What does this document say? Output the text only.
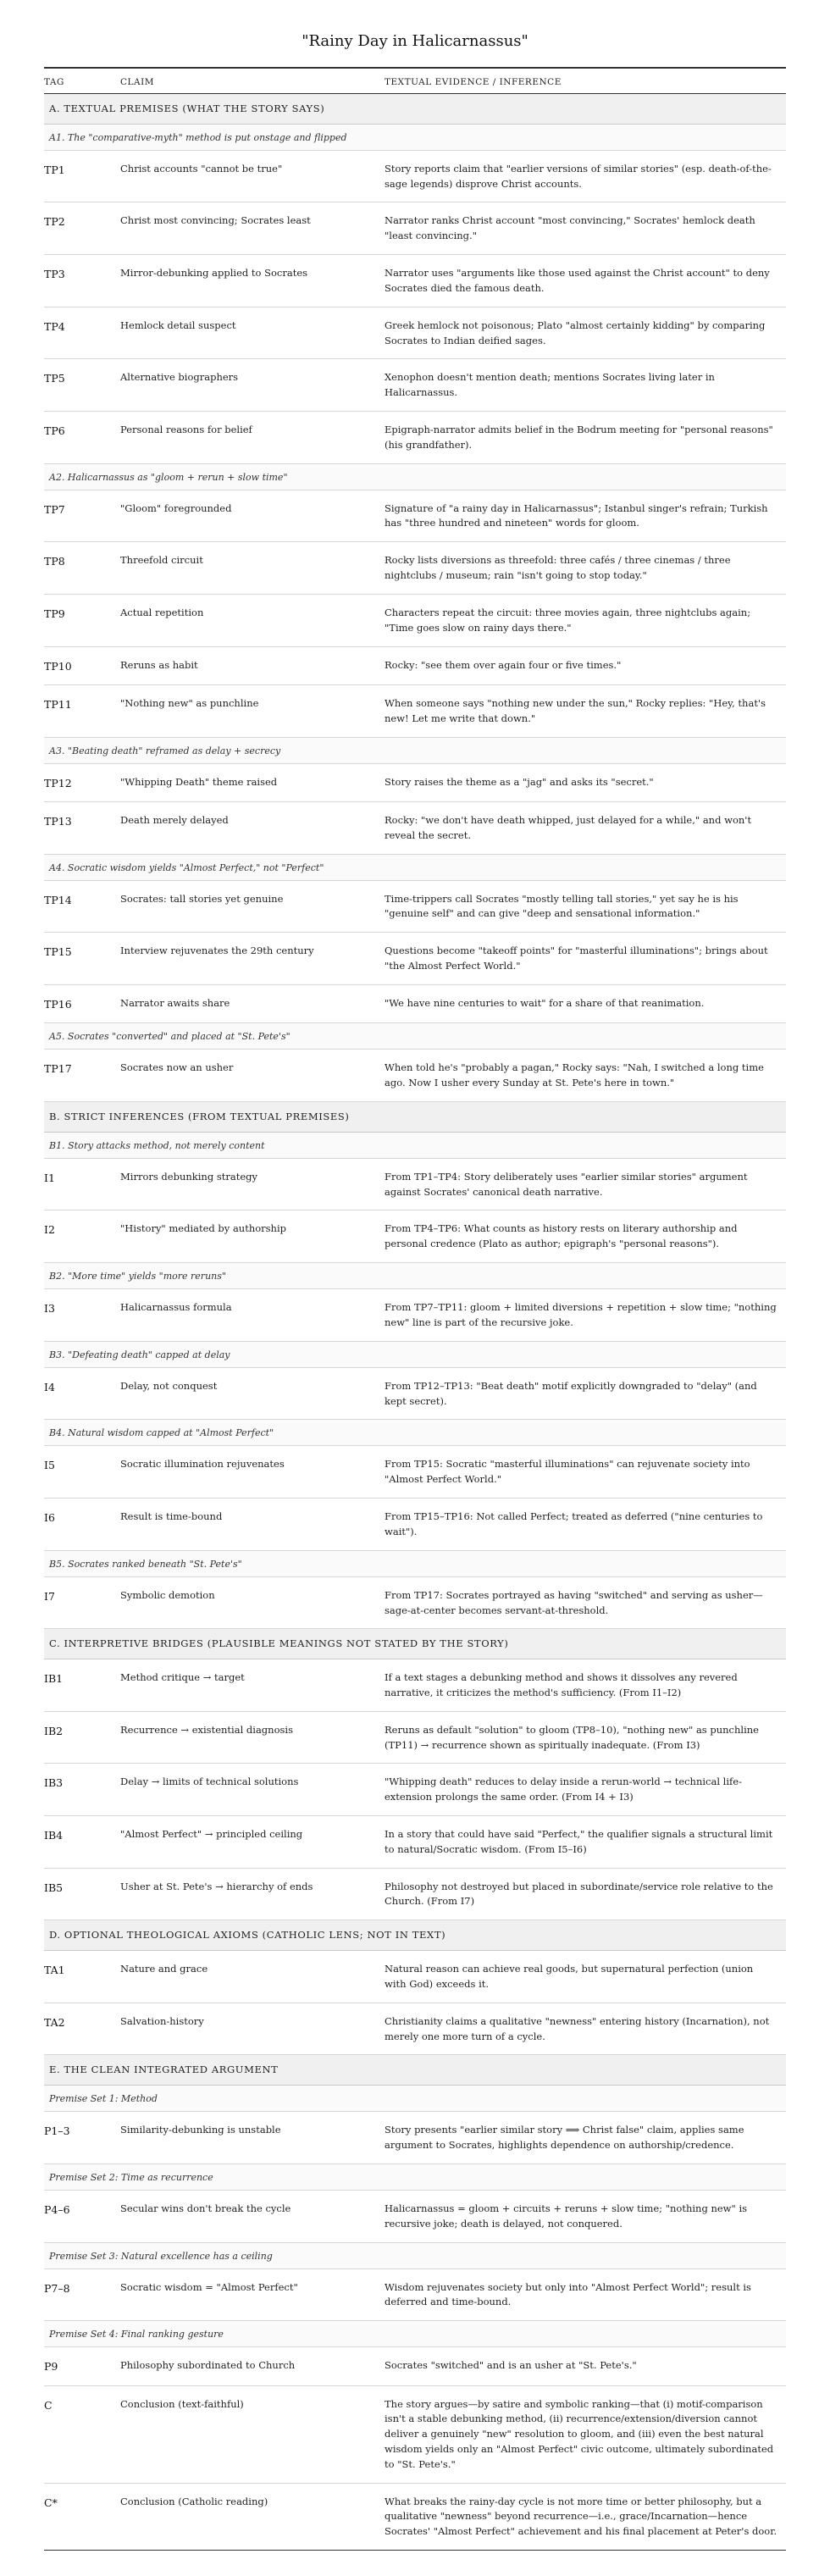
"Rainy Day in Halicarnassus"
TAG	CLAIM	TEXTUAL EVIDENCE / INFERENCE
A. TEXTUAL PREMISES (WHAT THE STORY SAYS)		
A1. The "comparative-myth" method is put onstage and flipped		
TP1	Christ accounts "cannot be true"	Story reports claim that "earlier versions of similar stories" (esp. death-of-the-sage legends) disprove Christ accounts.
TP2	Christ most convincing; Socrates least	Narrator ranks Christ account "most convincing," Socrates' hemlock death "least convincing."
TP3	Mirror-debunking applied to Socrates	Narrator uses "arguments like those used against the Christ account" to deny Socrates died the famous death.
TP4	Hemlock detail suspect	Greek hemlock not poisonous; Plato "almost certainly kidding" by comparing Socrates to Indian deified sages.
TP5	Alternative biographers	Xenophon doesn't mention death; mentions Socrates living later in Halicarnassus.
TP6	Personal reasons for belief	Epigraph-narrator admits belief in the Bodrum meeting for "personal reasons" (his grandfather).
A2. Halicarnassus as "gloom + rerun + slow time"		
TP7	"Gloom" foregrounded	Signature of "a rainy day in Halicarnassus"; Istanbul singer's refrain; Turkish has "three hundred and nineteen" words for gloom.
TP8	Threefold circuit	Rocky lists diversions as threefold: three cafés / three cinemas / three nightclubs / museum; rain "isn't going to stop today."
TP9	Actual repetition	Characters repeat the circuit: three movies again, three nightclubs again; "Time goes slow on rainy days there."
TP10	Reruns as habit	Rocky: "see them over again four or five times."
TP11	"Nothing new" as punchline	When someone says "nothing new under the sun," Rocky replies: "Hey, that's new! Let me write that down."
A3. "Beating death" reframed as delay + secrecy		
TP12	"Whipping Death" theme raised	Story raises the theme as a "jag" and asks its "secret."
TP13	Death merely delayed	Rocky: "we don't have death whipped, just delayed for a while," and won't reveal the secret.
A4. Socratic wisdom yields "Almost Perfect," not "Perfect"		
TP14	Socrates: tall stories yet genuine	Time-trippers call Socrates "mostly telling tall stories," yet say he is his "genuine self" and can give "deep and sensational information."
TP15	Interview rejuvenates the 29th century	Questions become "takeoff points" for "masterful illuminations"; brings about "the Almost Perfect World."
TP16	Narrator awaits share	"We have nine centuries to wait" for a share of that reanimation.
A5. Socrates "converted" and placed at "St. Pete's"		
TP17	Socrates now an usher	When told he's "probably a pagan," Rocky says: "Nah, I switched a long time ago. Now I usher every Sunday at St. Pete's here in town."
B. STRICT INFERENCES (FROM TEXTUAL PREMISES)		
B1. Story attacks method, not merely content		
I1	Mirrors debunking strategy	From TP1–TP4: Story deliberately uses "earlier similar stories" argument against Socrates' canonical death narrative.
I2	"History" mediated by authorship	From TP4–TP6: What counts as history rests on literary authorship and personal credence (Plato as author; epigraph's "personal reasons").
B2. "More time" yields "more reruns"		
I3	Halicarnassus formula	From TP7–TP11: gloom + limited diversions + repetition + slow time; "nothing new" line is part of the recursive joke.
B3. "Defeating death" capped at delay		
I4	Delay, not conquest	From TP12–TP13: "Beat death" motif explicitly downgraded to "delay" (and kept secret).
B4. Natural wisdom capped at "Almost Perfect"		
I5	Socratic illumination rejuvenates	From TP15: Socratic "masterful illuminations" can rejuvenate society into "Almost Perfect World."
I6	Result is time-bound	From TP15–TP16: Not called Perfect; treated as deferred ("nine centuries to wait").
B5. Socrates ranked beneath "St. Pete's"		
I7	Symbolic demotion	From TP17: Socrates portrayed as having "switched" and serving as usher—sage-at-center becomes servant-at-threshold.
C. INTERPRETIVE BRIDGES (PLAUSIBLE MEANINGS NOT STATED BY THE STORY)		
IB1	Method critique → target	If a text stages a debunking method and shows it dissolves any revered narrative, it criticizes the method's sufficiency. (From I1–I2)
IB2	Recurrence → existential diagnosis	Reruns as default "solution" to gloom (TP8–10), "nothing new" as punchline (TP11) → recurrence shown as spiritually inadequate. (From I3)
IB3	Delay → limits of technical solutions	"Whipping death" reduces to delay inside a rerun-world → technical life-extension prolongs the same order. (From I4 + I3)
IB4	"Almost Perfect" → principled ceiling	In a story that could have said "Perfect," the qualifier signals a structural limit to natural/Socratic wisdom. (From I5–I6)
IB5	Usher at St. Pete's → hierarchy of ends	Philosophy not destroyed but placed in subordinate/service role relative to the Church. (From I7)
D. OPTIONAL THEOLOGICAL AXIOMS (CATHOLIC LENS; NOT IN TEXT)		
TA1	Nature and grace	Natural reason can achieve real goods, but supernatural perfection (union with God) exceeds it.
TA2	Salvation-history	Christianity claims a qualitative "newness" entering history (Incarnation), not merely one more turn of a cycle.
E. THE CLEAN INTEGRATED ARGUMENT		
Premise Set 1: Method		
P1–3	Similarity-debunking is unstable	Story presents "earlier similar story ⟹ Christ false" claim, applies same argument to Socrates, highlights dependence on authorship/credence.
Premise Set 2: Time as recurrence		
P4–6	Secular wins don't break the cycle	Halicarnassus = gloom + circuits + reruns + slow time; "nothing new" is recursive joke; death is delayed, not conquered.
Premise Set 3: Natural excellence has a ceiling		
P7–8	Socratic wisdom = "Almost Perfect"	Wisdom rejuvenates society but only into "Almost Perfect World"; result is deferred and time-bound.
Premise Set 4: Final ranking gesture		
P9	Philosophy subordinated to Church	Socrates "switched" and is an usher at "St. Pete's."
C	Conclusion (text-faithful)	The story argues—by satire and symbolic ranking—that (i) motif-comparison isn't a stable debunking method, (ii) recurrence/extension/diversion cannot deliver a genuinely "new" resolution to gloom, and (iii) even the best natural wisdom yields only an "Almost Perfect" civic outcome, ultimately subordinated to "St. Pete's."
C*	Conclusion (Catholic reading)	What breaks the rainy-day cycle is not more time or better philosophy, but a qualitative "newness" beyond recurrence—i.e., grace/Incarnation—hence Socrates' "Almost Perfect" achievement and his final placement at Peter's door.
